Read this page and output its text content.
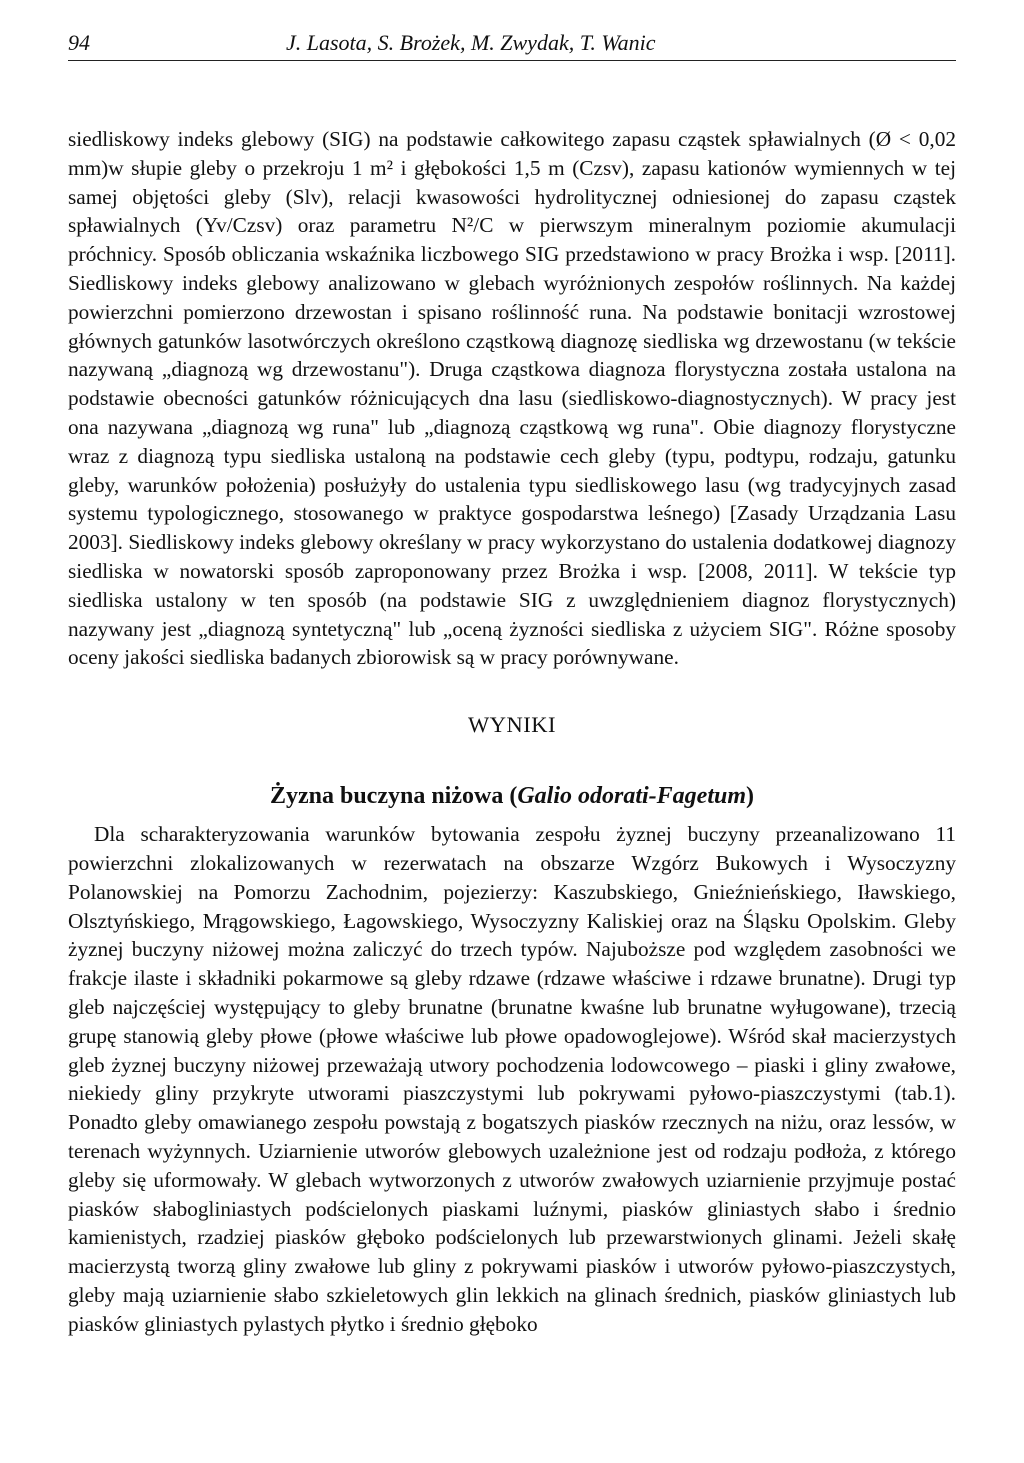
94	J. Lasota, S. Brożek, M. Zwydak, T. Wanic

siedliskowy indeks glebowy (SIG) na podstawie całkowitego zapasu cząstek spławialnych (Ø < 0,02 mm)w słupie gleby o przekroju 1 m² i głębokości 1,5 m (Czsv), zapasu kationów wymiennych w tej samej objętości gleby (Slv), relacji kwasowości hydrolitycznej odniesionej do zapasu cząstek spławialnych (Yv/Czsv) oraz parametru N²/C w pierwszym mineralnym poziomie akumulacji próchnicy. Sposób obliczania wskaźnika liczbowego SIG przedstawiono w pracy Brożka i wsp. [2011]. Siedliskowy indeks glebowy analizowano w glebach wyróżnionych zespołów roślinnych. Na każdej powierzchni pomierzono drzewostan i spisano roślinność runa. Na podstawie bonitacji wzrostowej głównych gatunków lasotwórczych określono cząstkową diagnozę siedliska wg drzewostanu (w tekście nazywaną „diagnozą wg drzewostanu"). Druga cząstkowa diagnoza florystyczna została ustalona na podstawie obecności gatunków różnicujących dna lasu (siedliskowo-diagnostycznych). W pracy jest ona nazywana „diagnozą wg runa" lub „diagnozą cząstkową wg runa". Obie diagnozy florystyczne wraz z diagnozą typu siedliska ustaloną na podstawie cech gleby (typu, podtypu, rodzaju, gatunku gleby, warunków położenia) posłużyły do ustalenia typu siedliskowego lasu (wg tradycyjnych zasad systemu typologicznego, stosowanego w praktyce gospodarstwa leśnego) [Zasady Urządzania Lasu 2003]. Siedliskowy indeks glebowy określany w pracy wykorzystano do ustalenia dodatkowej diagnozy siedliska w nowatorski sposób zaproponowany przez Brożka i wsp. [2008, 2011]. W tekście typ siedliska ustalony w ten sposób (na podstawie SIG z uwzględnieniem diagnoz florystycznych) nazywany jest „diagnozą syntetyczną" lub „oceną żyzności siedliska z użyciem SIG". Różne sposoby oceny jakości siedliska badanych zbiorowisk są w pracy porównywane.

WYNIKI
Żyzna buczyna niżowa (Galio odorati-Fagetum)

Dla scharakteryzowania warunków bytowania zespołu żyznej buczyny przeanalizowano 11 powierzchni zlokalizowanych w rezerwatach na obszarze Wzgórz Bukowych i Wysoczyzny Polanowskiej na Pomorzu Zachodnim, pojezierzy: Kaszubskiego, Gnieźnieńskiego, Iławskiego, Olsztyńskiego, Mrągowskiego, Łagowskiego, Wysoczyzny Kaliskiej oraz na Śląsku Opolskim. Gleby żyznej buczyny niżowej można zaliczyć do trzech typów. Najuboższe pod względem zasobności we frakcje ilaste i składniki pokarmowe są gleby rdzawe (rdzawe właściwe i rdzawe brunatne). Drugi typ gleb najczęściej występujący to gleby brunatne (brunatne kwaśne lub brunatne wyługowane), trzecią grupę stanowią gleby płowe (płowe właściwe lub płowe opadowoglejowe). Wśród skał macierzystych gleb żyznej buczyny niżowej przeważają utwory pochodzenia lodowcowego – piaski i gliny zwałowe, niekiedy gliny przykryte utworami piaszczystymi lub pokrywami pyłowo-piaszczystymi (tab.1). Ponadto gleby omawianego zespołu powstają z bogatszych piasków rzecznych na niżu, oraz lessów, w terenach wyżynnych. Uziarnienie utworów glebowych uzależnione jest od rodzaju podłoża, z którego gleby się uformowały. W glebach wytworzonych z utworów zwałowych uziarnienie przyjmuje postać piasków słabogliniastych podścielonych piaskami luźnymi, piasków gliniastych słabo i średnio kamienistych, rzadziej piasków głęboko podścielonych lub przewarstwionych glinami. Jeżeli skałę macierzystą tworzą gliny zwałowe lub gliny z pokrywami piasków i utworów pyłowo-piaszczystych, gleby mają uziarnienie słabo szkieletowych glin lekkich na glinach średnich, piasków gliniastych lub piasków gliniastych pylastych płytko i średnio głęboko
